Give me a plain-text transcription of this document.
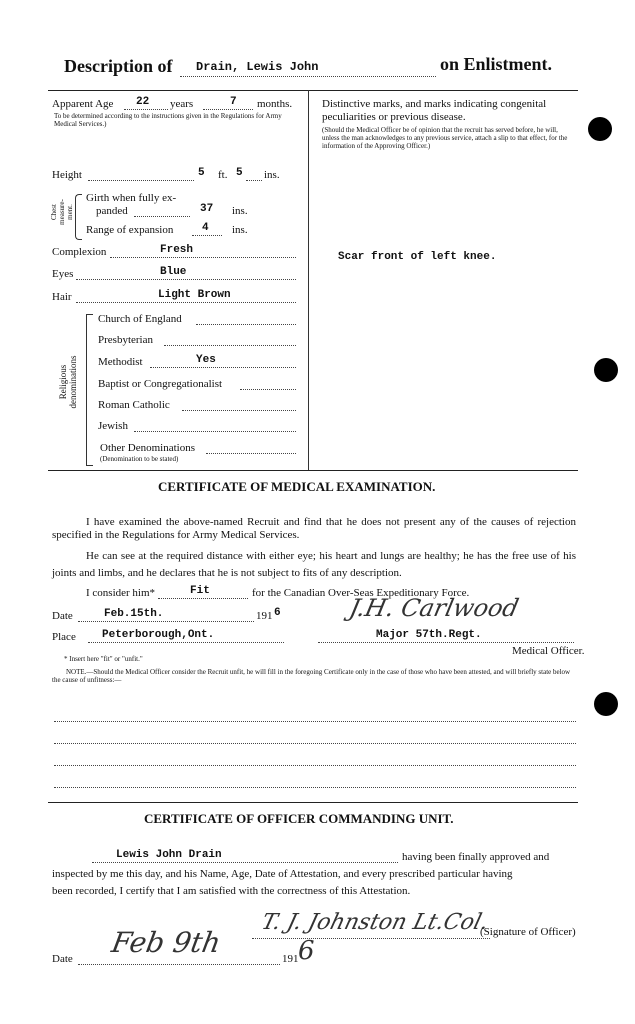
Description of Drain, Lewis John	on Enlistment.
Apparent Age 22 years	7 months.
To be determined according to the instructions given in the Regulations for Army Medical Services.)
Height	5 ft. 5 ins.
Chest measure-ment.
Girth when fully ex-
panded	37 ins.
Range of expansion	4 ins.
Complexion	Fresh
Eyes	Blue
Hair	Light Brown
Religious denominations
Church of England
Presbyterian
Methodist	Yes
Baptist or Congregationalist
Roman Catholic
Jewish
Other Denominations
(Denomination to be stated)
Distinctive marks, and marks indicating congenital
peculiarities or previous disease.
(Should the Medical Officer be of opinion that the recruit has served before, he will, unless the man acknowledges to any previous service, attach a slip to that effect, for the information of the Approving Officer.)
Scar front of left knee.
CERTIFICATE OF MEDICAL EXAMINATION.
I have examined the above-named Recruit and find that he does not present any of the causes of rejection specified in the Regulations for Army Medical Services.
He can see at the required distance with either eye; his heart and lungs are healthy; he has the free use of his joints and limbs, and he declares that he is not subject to fits of any description.
I consider him*	Fit	for the Canadian Over-Seas Expeditionary Force.
Date	Feb.15th.	191 6
Place Peterborough,Ont.
J.H. Carlwood
Major 57th.Regt.
Medical Officer.
* Insert here "fit" or "unfit."
NOTE.—Should the Medical Officer consider the Recruit unfit, he will fill in the foregoing Certificate only in the case of those who have been attested, and will briefly state below the cause of unfitness:—
CERTIFICATE OF OFFICER COMMANDING UNIT.
Lewis John Drain	having been finally approved and
inspected by me this day, and his Name, Age, Date of Attestation, and every prescribed particular having
been recorded, I certify that I am satisfied with the correctness of this Attestation.
T. J. Johnston Lt.Col.
(Signature of Officer)
Date Feb 9th	191 6
